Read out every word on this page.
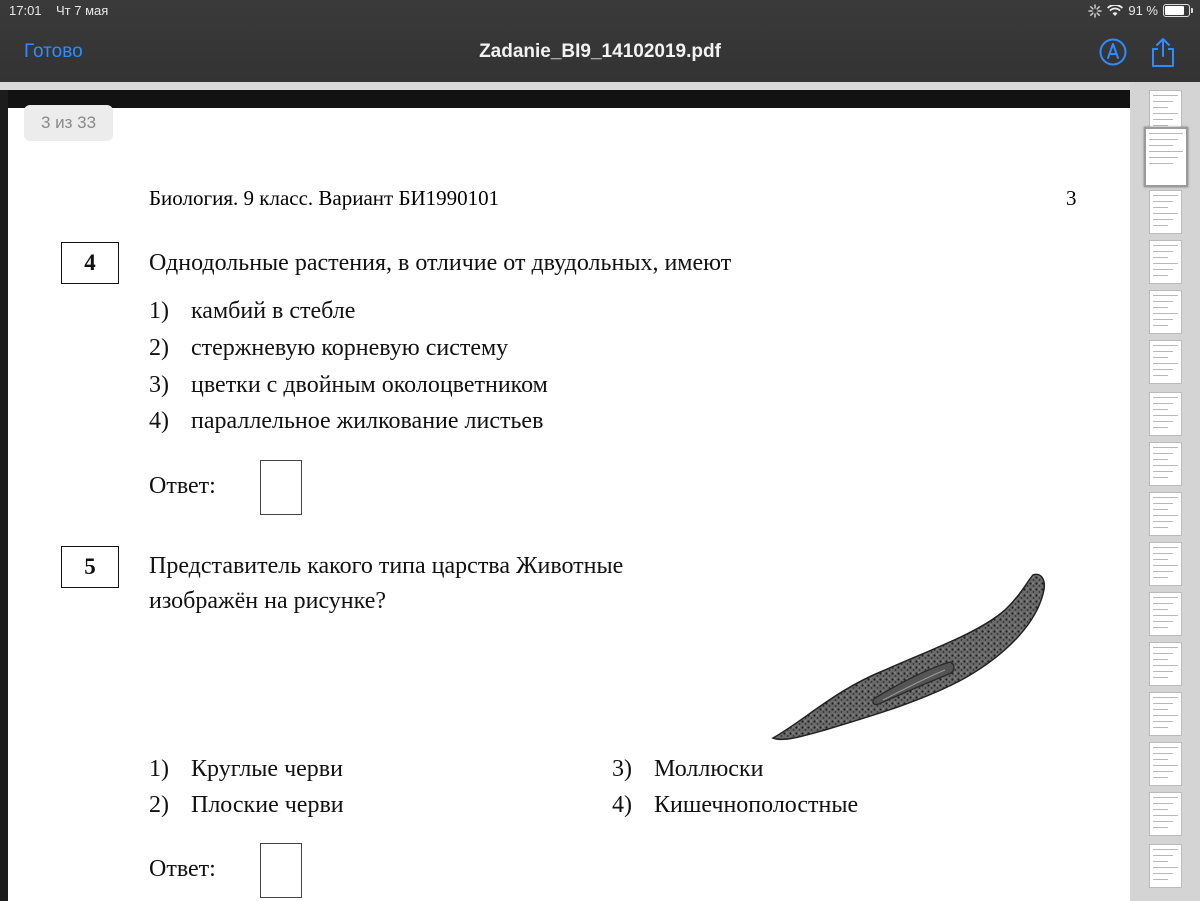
17:01 Чт 7 мая	91 %
Готово	Zadanie_BI9_14102019.pdf
3 из 33
Биология. 9 класс. Вариант БИ1990101	3
4	Однодольные растения, в отличие от двудольных, имеют
1) камбий в стебле
2) стержневую корневую систему
3) цветки с двойным околоцветником
4) параллельное жилкование листьев
Ответ:
5	Представитель какого типа царства Животные
изображён на рисунке?
1) Круглые черви
2) Плоские черви
3) Моллюски
4) Кишечнополостные
Ответ:
